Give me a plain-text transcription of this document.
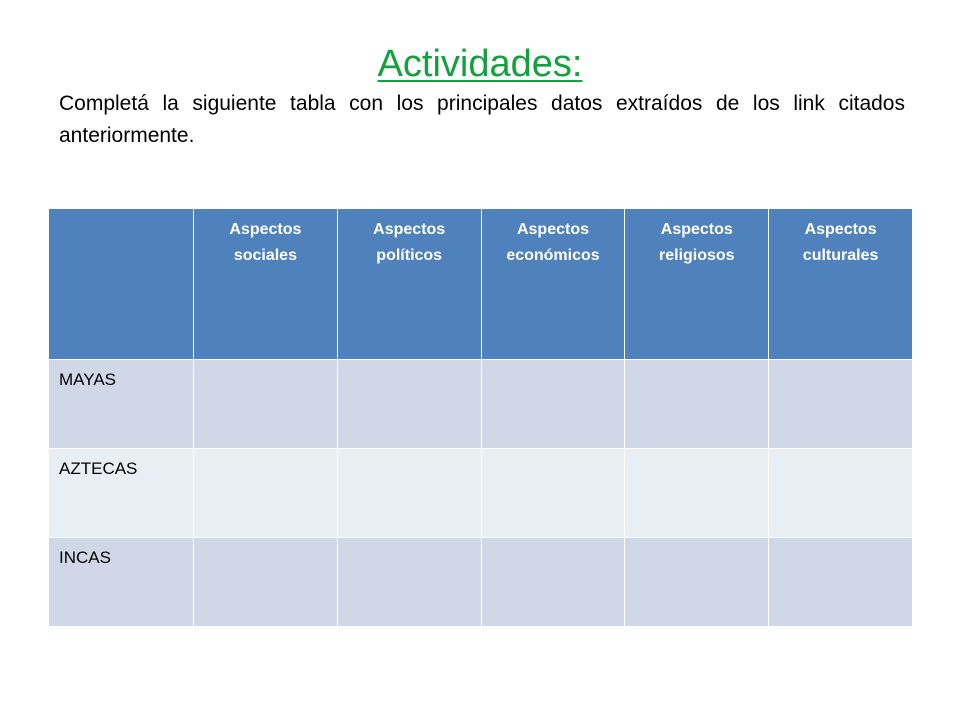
Actividades:

Completá la siguiente tabla con los principales datos extraídos de los link citados anteriormente.

	Aspectos
sociales	Aspectos
políticos	Aspectos
económicos	Aspectos
religiosos	Aspectos
culturales
MAYAS					
AZTECAS					
INCAS					
